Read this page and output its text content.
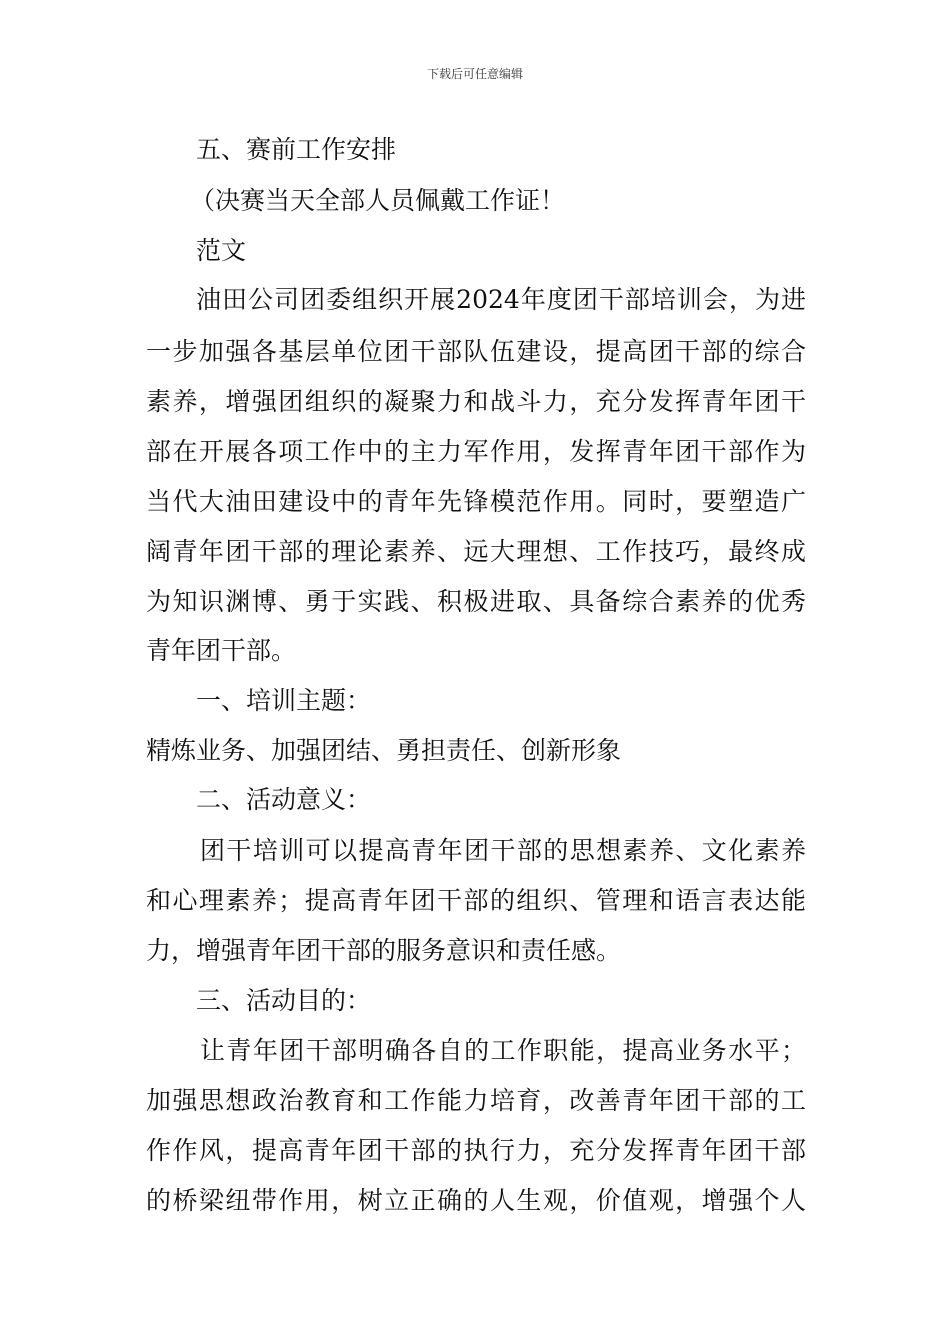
下载后可任意编辑
五、赛前工作安排
（决赛当天全部人员佩戴工作证！
范文
油田公司团委组织开展2024年度团干部培训会，为进
一步加强各基层单位团干部队伍建设，提高团干部的综合
素养，增强团组织的凝聚力和战斗力，充分发挥青年团干
部在开展各项工作中的主力军作用，发挥青年团干部作为
当代大油田建设中的青年先锋模范作用。同时，要塑造广
阔青年团干部的理论素养、远大理想、工作技巧，最终成
为知识渊博、勇于实践、积极进取、具备综合素养的优秀
青年团干部。
一、培训主题：
精炼业务、加强团结、勇担责任、创新形象
二、活动意义：
团干培训可以提高青年团干部的思想素养、文化素养
和心理素养；提高青年团干部的组织、管理和语言表达能
力，增强青年团干部的服务意识和责任感。
三、活动目的：
让青年团干部明确各自的工作职能，提高业务水平；
加强思想政治教育和工作能力培育，改善青年团干部的工
作作风，提高青年团干部的执行力，充分发挥青年团干部
的桥梁纽带作用，树立正确的人生观，价值观，增强个人
